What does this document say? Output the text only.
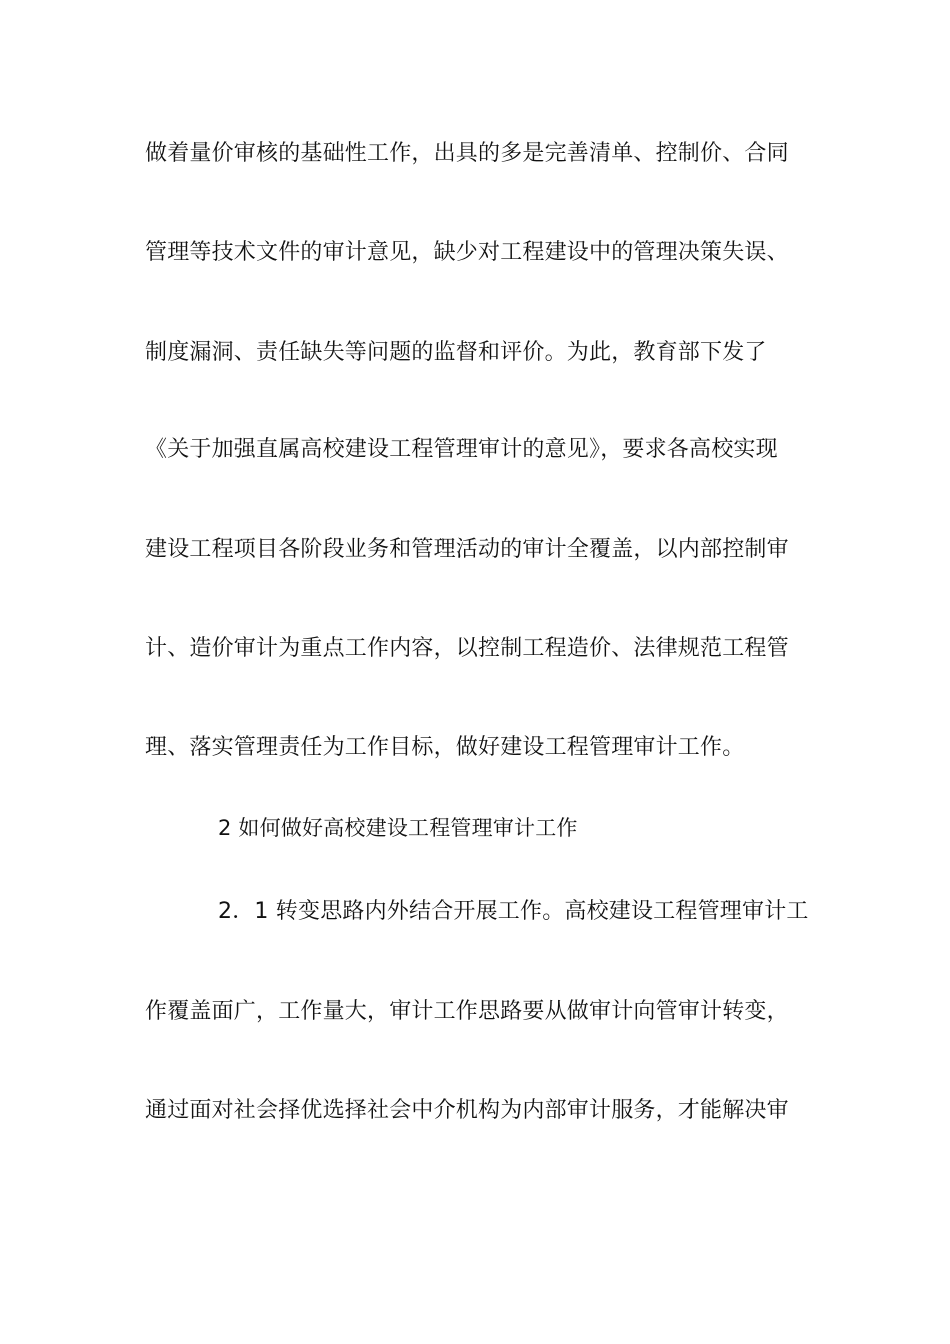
做着量价审核的基础性工作，出具的多是完善清单、控制价、合同
管理等技术文件的审计意见，缺少对工程建设中的管理决策失误、
制度漏洞、责任缺失等问题的监督和评价。为此，教育部下发了
《关于加强直属高校建设工程管理审计的意见》，要求各高校实现
建设工程项目各阶段业务和管理活动的审计全覆盖，以内部控制审
计、造价审计为重点工作内容，以控制工程造价、法律规范工程管
理、落实管理责任为工作目标，做好建设工程管理审计工作。
2 如何做好高校建设工程管理审计工作
2．1 转变思路内外结合开展工作。高校建设工程管理审计工
作覆盖面广，工作量大，审计工作思路要从做审计向管审计转变，
通过面对社会择优选择社会中介机构为内部审计服务，才能解决审
